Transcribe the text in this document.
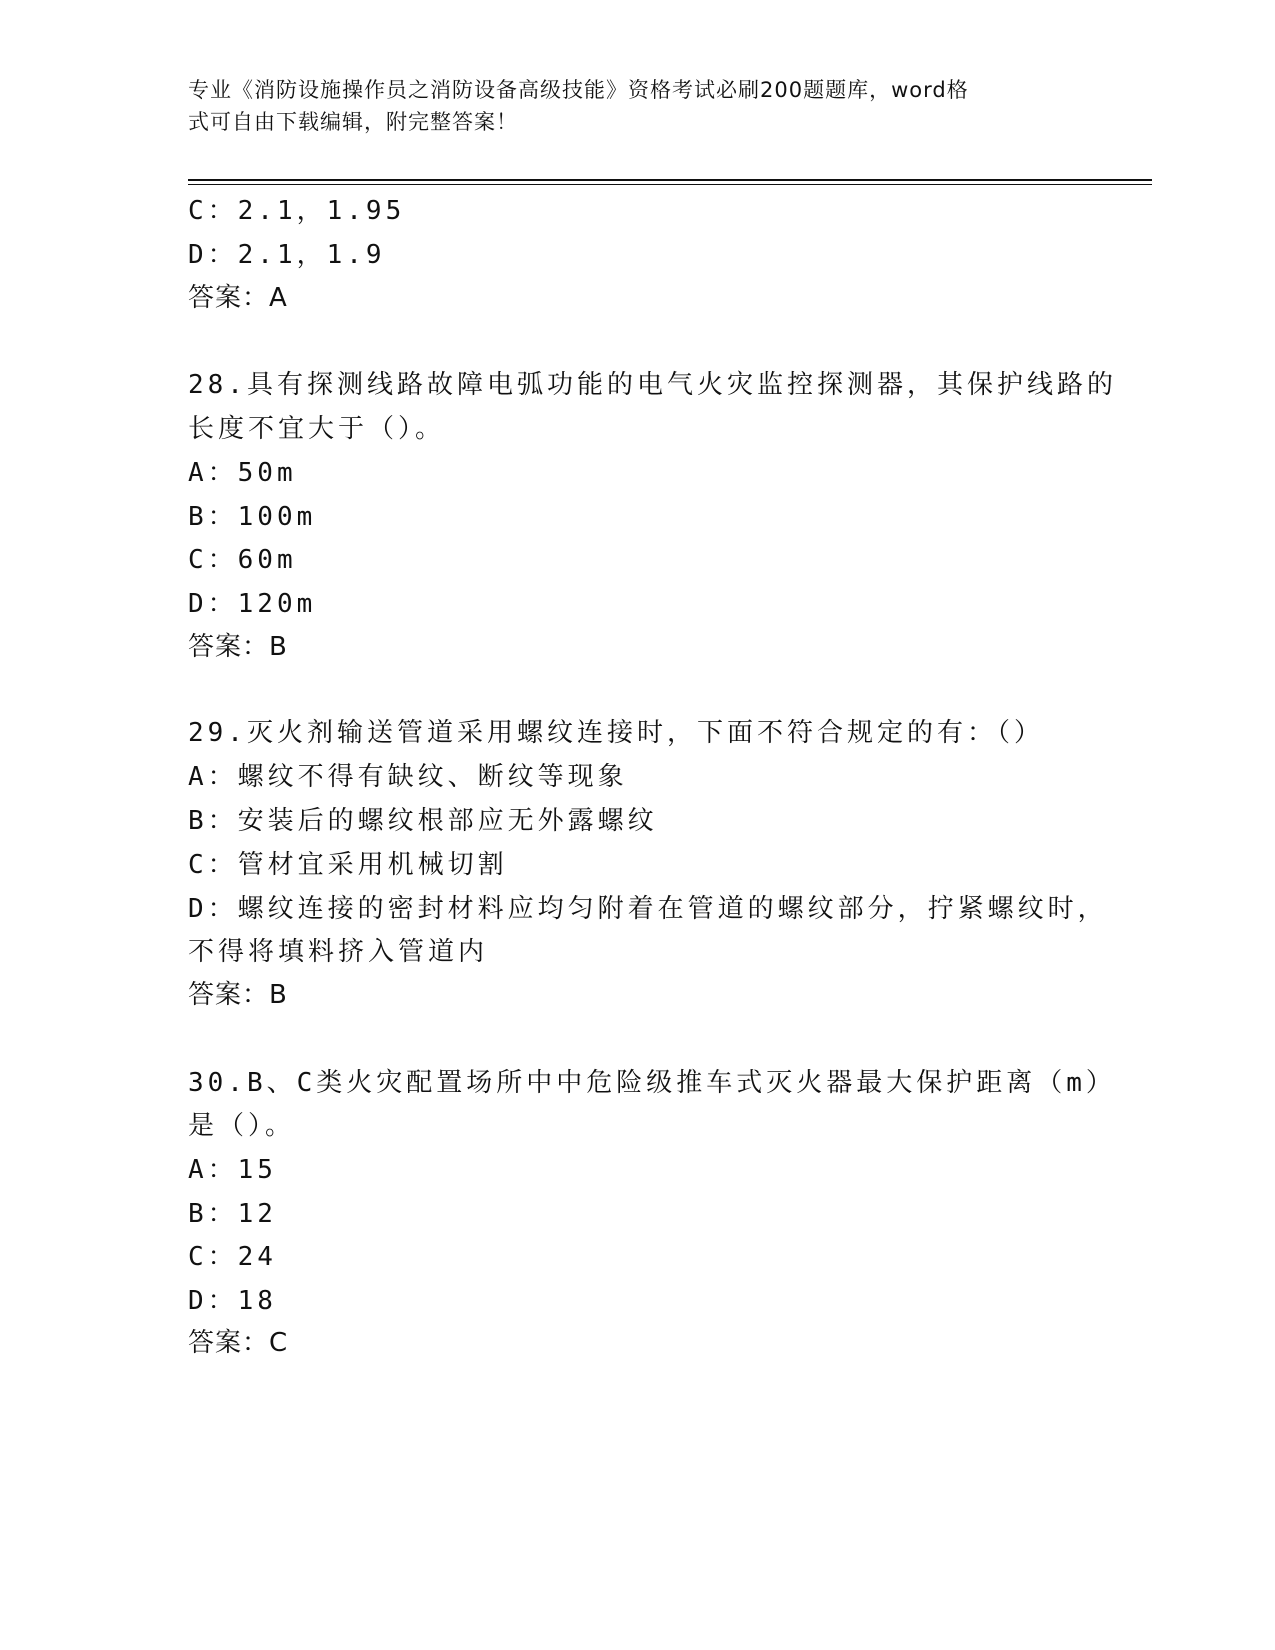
专业《消防设施操作员之消防设备高级技能》资格考试必刷200题题库，word格
式可自由下载编辑，附完整答案！
C：2.1，1.95
D：2.1，1.9
答案：A
28.具有探测线路故障电弧功能的电气火灾监控探测器，其保护线路的
长度不宜大于（）。
A：50m
B：100m
C：60m
D：120m
答案：B
29.灭火剂输送管道采用螺纹连接时，下面不符合规定的有：（）
A：螺纹不得有缺纹、断纹等现象
B：安装后的螺纹根部应无外露螺纹
C：管材宜采用机械切割
D：螺纹连接的密封材料应均匀附着在管道的螺纹部分，拧紧螺纹时，
不得将填料挤入管道内
答案：B
30.B、C类火灾配置场所中中危险级推车式灭火器最大保护距离（m）
是（）。
A：15
B：12
C：24
D：18
答案：C
